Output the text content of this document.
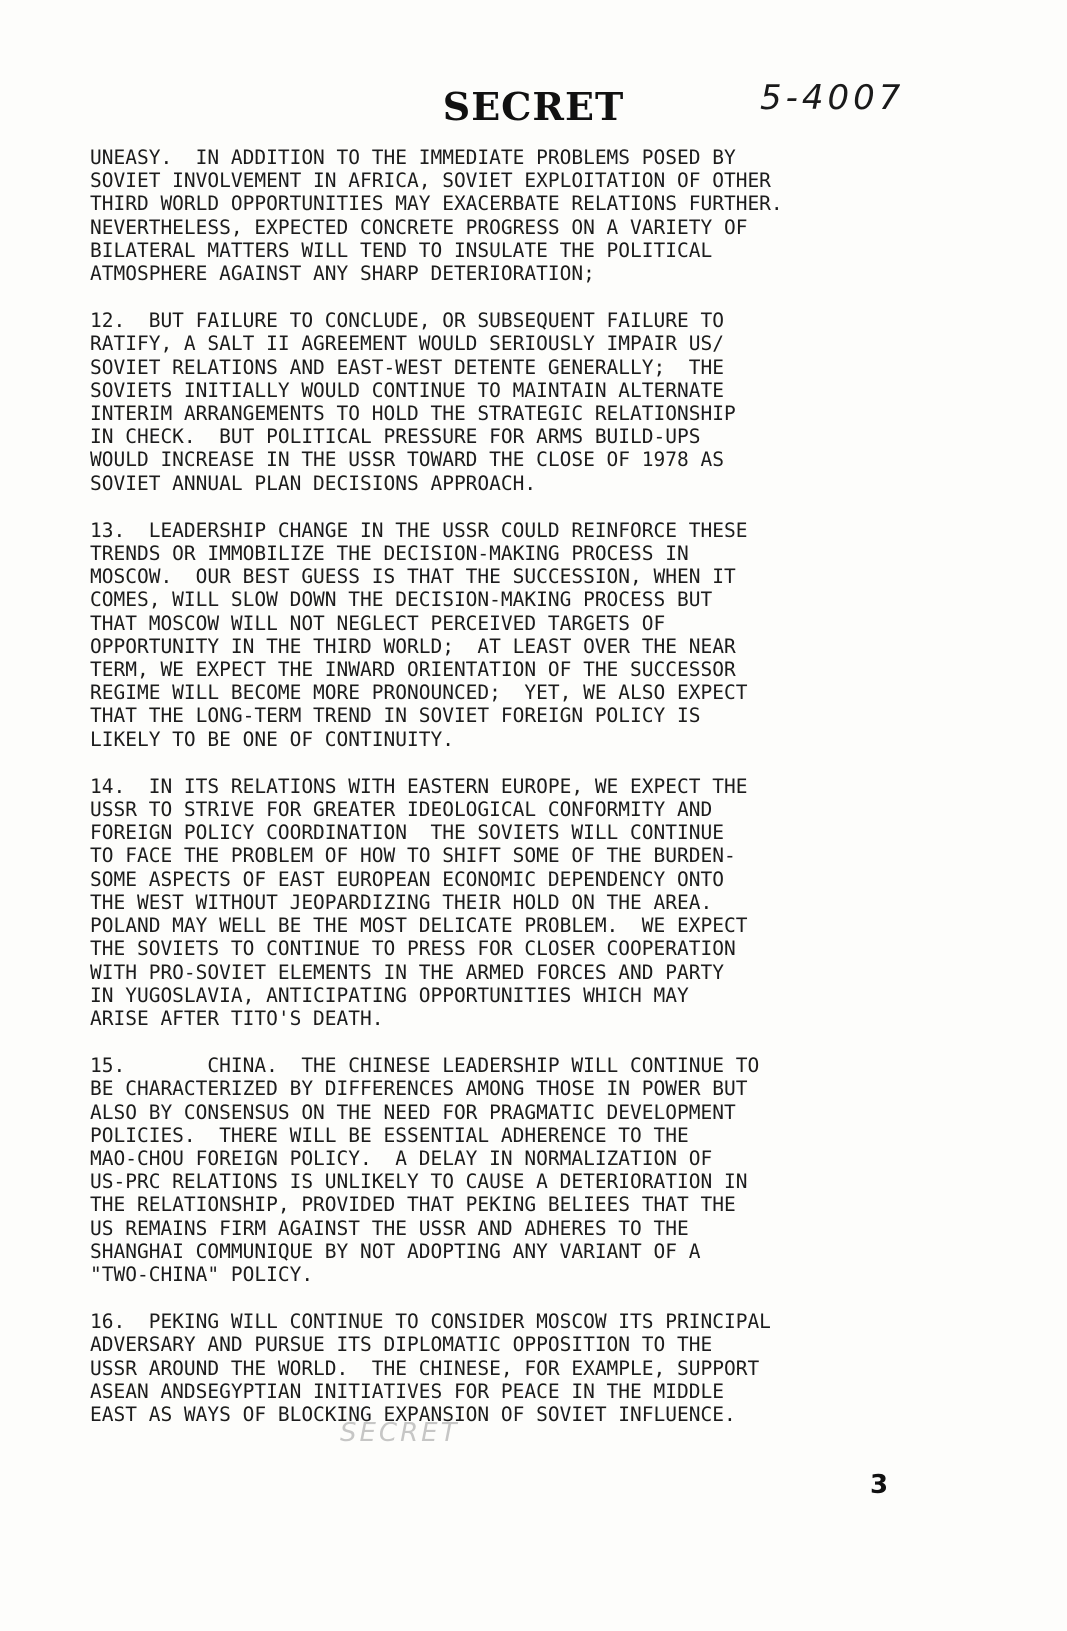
SECRET	5-4007

UNEASY.  IN ADDITION TO THE IMMEDIATE PROBLEMS POSED BY
SOVIET INVOLVEMENT IN AFRICA, SOVIET EXPLOITATION OF OTHER
THIRD WORLD OPPORTUNITIES MAY EXACERBATE RELATIONS FURTHER.
NEVERTHELESS, EXPECTED CONCRETE PROGRESS ON A VARIETY OF
BILATERAL MATTERS WILL TEND TO INSULATE THE POLITICAL
ATMOSPHERE AGAINST ANY SHARP DETERIORATION;

12.  BUT FAILURE TO CONCLUDE, OR SUBSEQUENT FAILURE TO
RATIFY, A SALT II AGREEMENT WOULD SERIOUSLY IMPAIR US/
SOVIET RELATIONS AND EAST-WEST DETENTE GENERALLY;  THE
SOVIETS INITIALLY WOULD CONTINUE TO MAINTAIN ALTERNATE
INTERIM ARRANGEMENTS TO HOLD THE STRATEGIC RELATIONSHIP
IN CHECK.  BUT POLITICAL PRESSURE FOR ARMS BUILD-UPS
WOULD INCREASE IN THE USSR TOWARD THE CLOSE OF 1978 AS
SOVIET ANNUAL PLAN DECISIONS APPROACH.

13.  LEADERSHIP CHANGE IN THE USSR COULD REINFORCE THESE
TRENDS OR IMMOBILIZE THE DECISION-MAKING PROCESS IN
MOSCOW.  OUR BEST GUESS IS THAT THE SUCCESSION, WHEN IT
COMES, WILL SLOW DOWN THE DECISION-MAKING PROCESS BUT
THAT MOSCOW WILL NOT NEGLECT PERCEIVED TARGETS OF
OPPORTUNITY IN THE THIRD WORLD;  AT LEAST OVER THE NEAR
TERM, WE EXPECT THE INWARD ORIENTATION OF THE SUCCESSOR
REGIME WILL BECOME MORE PRONOUNCED;  YET, WE ALSO EXPECT
THAT THE LONG-TERM TREND IN SOVIET FOREIGN POLICY IS
LIKELY TO BE ONE OF CONTINUITY.

14.  IN ITS RELATIONS WITH EASTERN EUROPE, WE EXPECT THE
USSR TO STRIVE FOR GREATER IDEOLOGICAL CONFORMITY AND
FOREIGN POLICY COORDINATION  THE SOVIETS WILL CONTINUE
TO FACE THE PROBLEM OF HOW TO SHIFT SOME OF THE BURDEN-
SOME ASPECTS OF EAST EUROPEAN ECONOMIC DEPENDENCY ONTO
THE WEST WITHOUT JEOPARDIZING THEIR HOLD ON THE AREA.
POLAND MAY WELL BE THE MOST DELICATE PROBLEM.  WE EXPECT
THE SOVIETS TO CONTINUE TO PRESS FOR CLOSER COOPERATION
WITH PRO-SOVIET ELEMENTS IN THE ARMED FORCES AND PARTY
IN YUGOSLAVIA, ANTICIPATING OPPORTUNITIES WHICH MAY
ARISE AFTER TITO'S DEATH.

15.       CHINA.  THE CHINESE LEADERSHIP WILL CONTINUE TO
BE CHARACTERIZED BY DIFFERENCES AMONG THOSE IN POWER BUT
ALSO BY CONSENSUS ON THE NEED FOR PRAGMATIC DEVELOPMENT
POLICIES.  THERE WILL BE ESSENTIAL ADHERENCE TO THE
MAO-CHOU FOREIGN POLICY.  A DELAY IN NORMALIZATION OF
US-PRC RELATIONS IS UNLIKELY TO CAUSE A DETERIORATION IN
THE RELATIONSHIP, PROVIDED THAT PEKING BELIEES THAT THE
US REMAINS FIRM AGAINST THE USSR AND ADHERES TO THE
SHANGHAI COMMUNIQUE BY NOT ADOPTING ANY VARIANT OF A
"TWO-CHINA" POLICY.

16.  PEKING WILL CONTINUE TO CONSIDER MOSCOW ITS PRINCIPAL
ADVERSARY AND PURSUE ITS DIPLOMATIC OPPOSITION TO THE
USSR AROUND THE WORLD.  THE CHINESE, FOR EXAMPLE, SUPPORT
ASEAN ANDSEGYPTIAN INITIATIVES FOR PEACE IN THE MIDDLE
EAST AS WAYS OF BLOCKING EXPANSION OF SOVIET INFLUENCE.

SECRET
3
